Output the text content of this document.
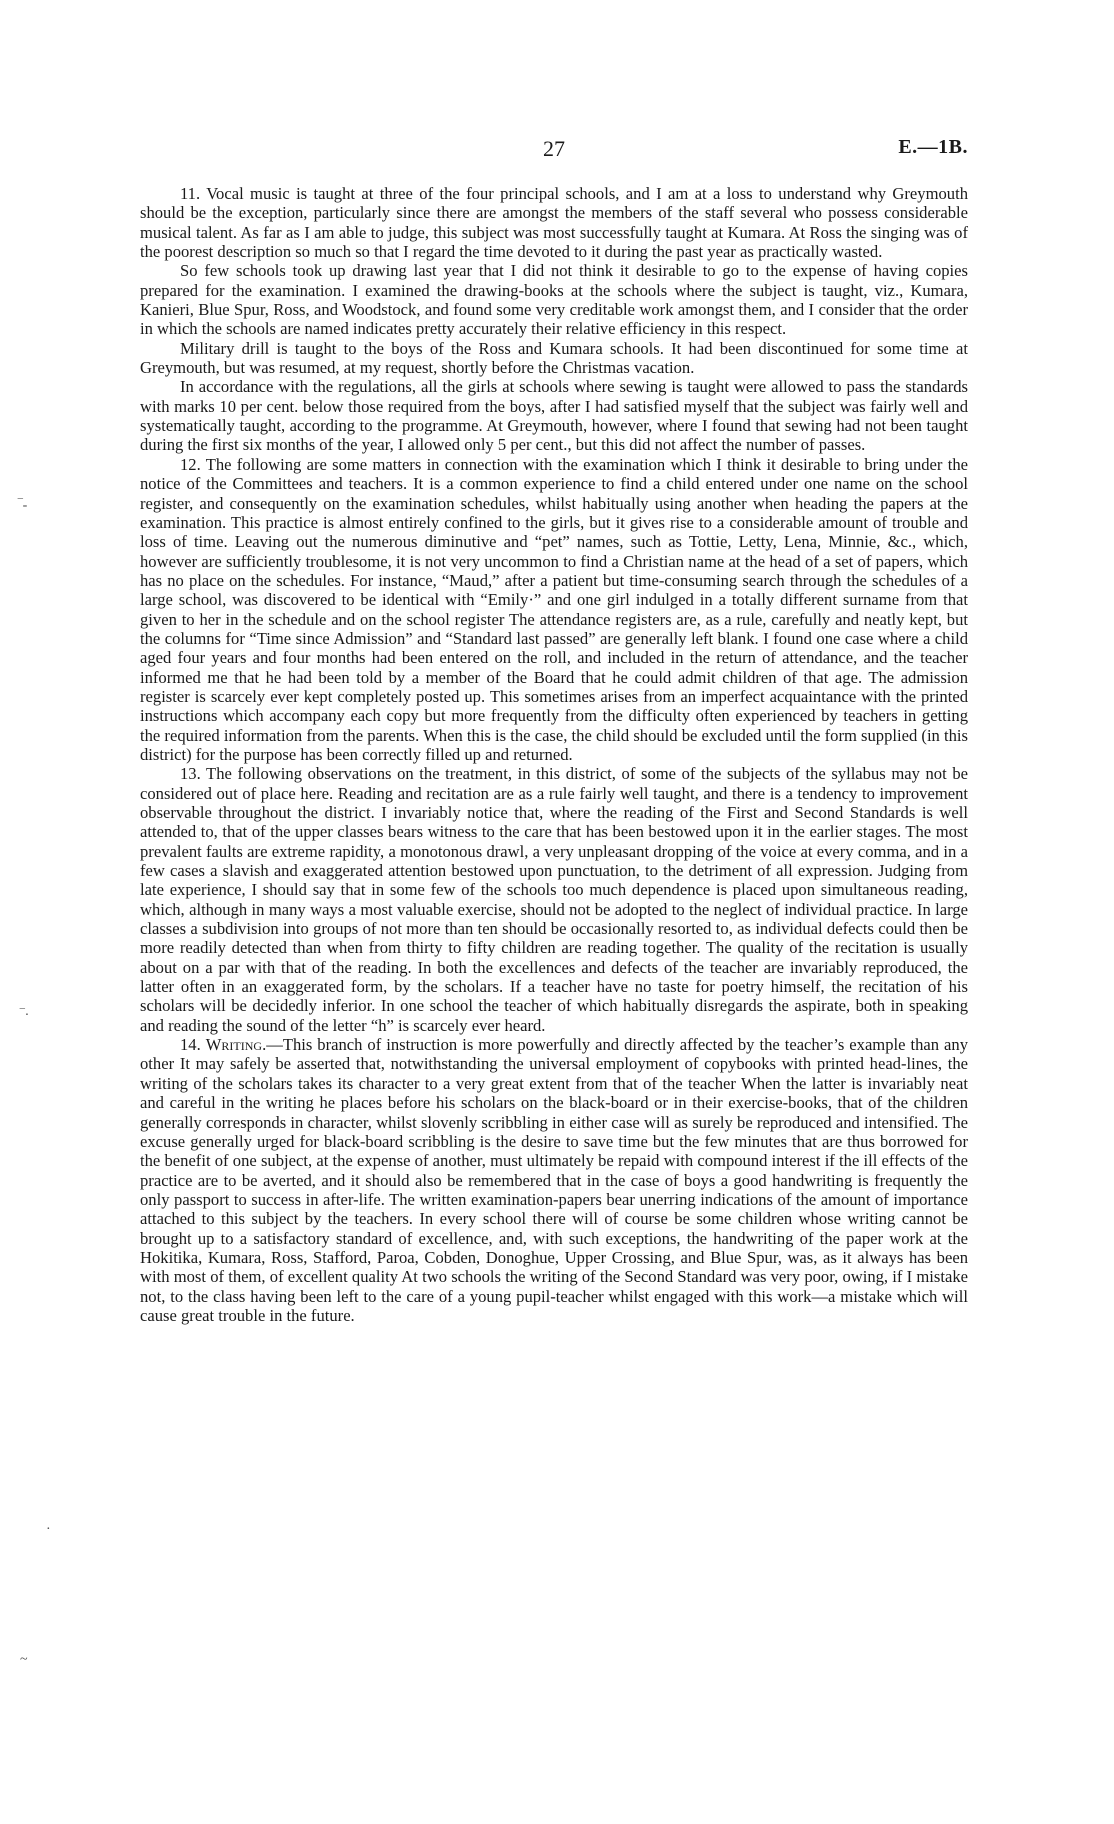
‾-
‾·
·
~
27	E.—1B.

11. Vocal music is taught at three of the four principal schools, and I am at a loss to understand why Greymouth should be the exception, particularly since there are amongst the members of the staff several who possess considerable musical talent. As far as I am able to judge, this subject was most successfully taught at Kumara. At Ross the singing was of the poorest description so much so that I regard the time devoted to it during the past year as practically wasted.

So few schools took up drawing last year that I did not think it desirable to go to the expense of having copies prepared for the examination. I examined the drawing-books at the schools where the subject is taught, viz., Kumara, Kanieri, Blue Spur, Ross, and Woodstock, and found some very creditable work amongst them, and I consider that the order in which the schools are named indicates pretty accurately their relative efficiency in this respect.

Military drill is taught to the boys of the Ross and Kumara schools. It had been discontinued for some time at Greymouth, but was resumed, at my request, shortly before the Christmas vacation.

In accordance with the regulations, all the girls at schools where sewing is taught were allowed to pass the standards with marks 10 per cent. below those required from the boys, after I had satisfied myself that the subject was fairly well and systematically taught, according to the programme. At Greymouth, however, where I found that sewing had not been taught during the first six months of the year, I allowed only 5 per cent., but this did not affect the number of passes.

12. The following are some matters in connection with the examination which I think it desirable to bring under the notice of the Committees and teachers. It is a common experience to find a child entered under one name on the school register, and consequently on the examination schedules, whilst habitually using another when heading the papers at the examination. This practice is almost entirely confined to the girls, but it gives rise to a considerable amount of trouble and loss of time. Leaving out the numerous diminutive and “pet” names, such as Tottie, Letty, Lena, Minnie, &c., which, however are sufficiently troublesome, it is not very uncommon to find a Christian name at the head of a set of papers, which has no place on the schedules. For instance, “Maud,” after a patient but time-consuming search through the schedules of a large school, was discovered to be identical with “Emily·” and one girl indulged in a totally different surname from that given to her in the schedule and on the school register The attendance registers are, as a rule, carefully and neatly kept, but the columns for “Time since Admission” and “Standard last passed” are generally left blank. I found one case where a child aged four years and four months had been entered on the roll, and included in the return of attendance, and the teacher informed me that he had been told by a member of the Board that he could admit children of that age. The admission register is scarcely ever kept completely posted up. This sometimes arises from an imperfect acquaintance with the printed instructions which accompany each copy but more frequently from the difficulty often experienced by teachers in getting the required information from the parents. When this is the case, the child should be excluded until the form supplied (in this district) for the purpose has been correctly filled up and returned.

13. The following observations on the treatment, in this district, of some of the subjects of the syllabus may not be considered out of place here. Reading and recitation are as a rule fairly well taught, and there is a tendency to improvement observable throughout the district. I invariably notice that, where the reading of the First and Second Standards is well attended to, that of the upper classes bears witness to the care that has been bestowed upon it in the earlier stages. The most prevalent faults are extreme rapidity, a monotonous drawl, a very unpleasant dropping of the voice at every comma, and in a few cases a slavish and exaggerated attention bestowed upon punctuation, to the detriment of all expression. Judging from late experience, I should say that in some few of the schools too much dependence is placed upon simultaneous reading, which, although in many ways a most valuable exercise, should not be adopted to the neglect of individual practice. In large classes a subdivision into groups of not more than ten should be occasionally resorted to, as individual defects could then be more readily detected than when from thirty to fifty children are reading together. The quality of the recitation is usually about on a par with that of the reading. In both the excellences and defects of the teacher are invariably reproduced, the latter often in an exaggerated form, by the scholars. If a teacher have no taste for poetry himself, the recitation of his scholars will be decidedly inferior. In one school the teacher of which habitually disregards the aspirate, both in speaking and reading the sound of the letter “h” is scarcely ever heard.

14. Writing.—This branch of instruction is more powerfully and directly affected by the teacher’s example than any other It may safely be asserted that, notwithstanding the universal employment of copybooks with printed head-lines, the writing of the scholars takes its character to a very great extent from that of the teacher When the latter is invariably neat and careful in the writing he places before his scholars on the black-board or in their exercise-books, that of the children generally corresponds in character, whilst slovenly scribbling in either case will as surely be reproduced and intensified. The excuse generally urged for black-board scribbling is the desire to save time but the few minutes that are thus borrowed for the benefit of one subject, at the expense of another, must ultimately be repaid with compound interest if the ill effects of the practice are to be averted, and it should also be remembered that in the case of boys a good handwriting is frequently the only passport to success in after-life. The written examination-papers bear unerring indications of the amount of importance attached to this subject by the teachers. In every school there will of course be some children whose writing cannot be brought up to a satisfactory standard of excellence, and, with such exceptions, the handwriting of the paper work at the Hokitika, Kumara, Ross, Stafford, Paroa, Cobden, Donoghue, Upper Crossing, and Blue Spur, was, as it always has been with most of them, of excellent quality At two schools the writing of the Second Standard was very poor, owing, if I mistake not, to the class having been left to the care of a young pupil-teacher whilst engaged with this work—a mistake which will cause great trouble in the future.
